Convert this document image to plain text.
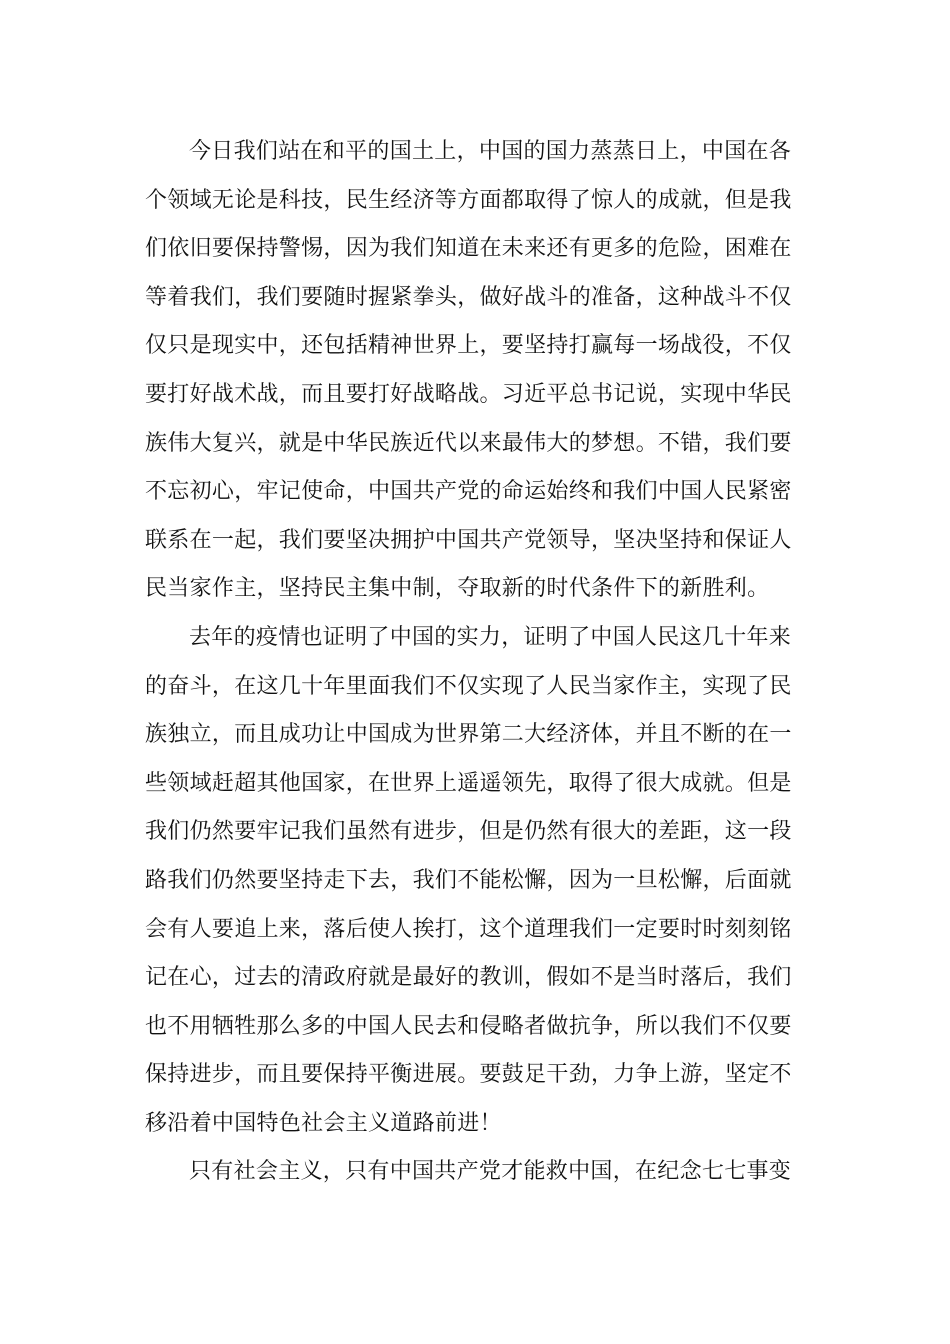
今日我们站在和平的国土上，中国的国力蒸蒸日上，中国在各
个领域无论是科技，民生经济等方面都取得了惊人的成就，但是我
们依旧要保持警惕，因为我们知道在未来还有更多的危险，困难在
等着我们，我们要随时握紧拳头，做好战斗的准备，这种战斗不仅
仅只是现实中，还包括精神世界上，要坚持打赢每一场战役，不仅
要打好战术战，而且要打好战略战。习近平总书记说，实现中华民
族伟大复兴，就是中华民族近代以来最伟大的梦想。不错，我们要
不忘初心，牢记使命，中国共产党的命运始终和我们中国人民紧密
联系在一起，我们要坚决拥护中国共产党领导，坚决坚持和保证人
民当家作主，坚持民主集中制，夺取新的时代条件下的新胜利。
去年的疫情也证明了中国的实力，证明了中国人民这几十年来
的奋斗，在这几十年里面我们不仅实现了人民当家作主，实现了民
族独立，而且成功让中国成为世界第二大经济体，并且不断的在一
些领域赶超其他国家，在世界上遥遥领先，取得了很大成就。但是
我们仍然要牢记我们虽然有进步，但是仍然有很大的差距，这一段
路我们仍然要坚持走下去，我们不能松懈，因为一旦松懈，后面就
会有人要追上来，落后使人挨打，这个道理我们一定要时时刻刻铭
记在心，过去的清政府就是最好的教训，假如不是当时落后，我们
也不用牺牲那么多的中国人民去和侵略者做抗争，所以我们不仅要
保持进步，而且要保持平衡进展。要鼓足干劲，力争上游，坚定不
移沿着中国特色社会主义道路前进！
只有社会主义，只有中国共产党才能救中国，在纪念七七事变
